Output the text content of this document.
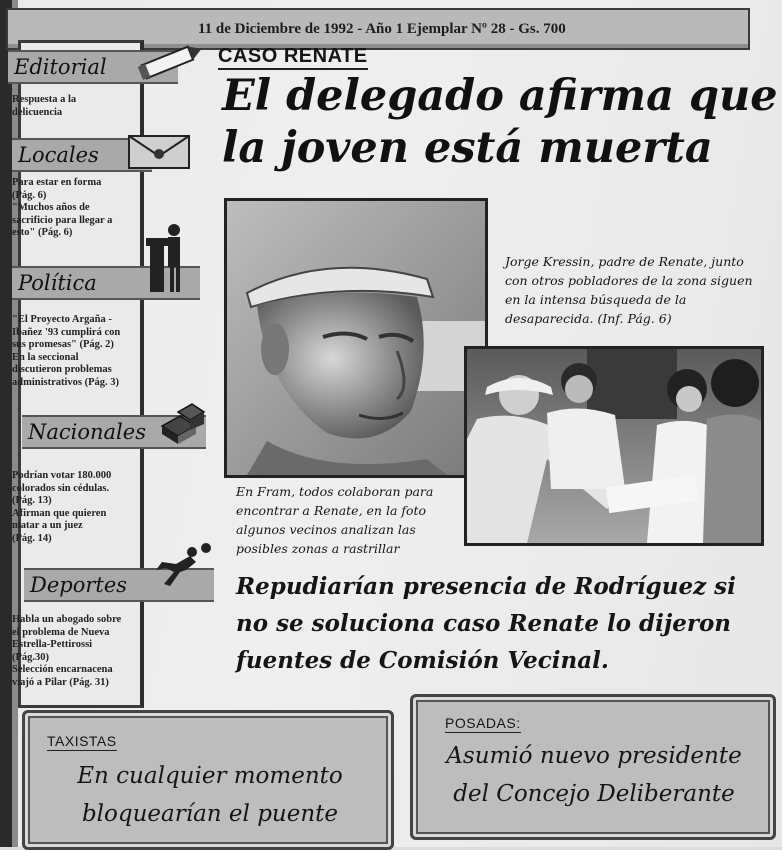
11 de Diciembre de 1992 - Año 1 Ejemplar Nº 28 - Gs. 700
Editorial
Respuesta a la
delicuencia
Locales
Para estar en forma
(Pág. 6)
"Muchos años de
sacrificio para llegar a
esto" (Pág. 6)
Política
"El Proyecto Argaña -
Ibañez '93 cumplirá con
sus promesas" (Pág. 2)
En la seccional
discutieron problemas
administrativos (Pág. 3)
Nacionales
Podrían votar 180.000
colorados sin cédulas.
(Pág. 13)
Afirman que quieren
matar a un juez
(Pág. 14)
Deportes
Habla un abogado sobre
el problema de Nueva
Estrella-Pettirossi
(Pág.30)
Selección encarnacena
viajó a Pilar (Pág. 31)
CASO RENATE
El delegado afirma que
la joven está muerta
Jorge Kressin, padre de Renate, junto
con otros pobladores de la zona siguen
en la intensa búsqueda de la
desaparecida. (Inf. Pág. 6)
En Fram, todos colaboran para
encontrar a Renate, en la foto
algunos vecinos analizan las
posibles zonas a rastrillar
Repudiarían presencia de Rodríguez si
no se soluciona caso Renate lo dijeron
fuentes de Comisión Vecinal.
TAXISTAS
En cualquier momento
bloquearían el puente
POSADAS:
Asumió nuevo presidente
del Concejo Deliberante
